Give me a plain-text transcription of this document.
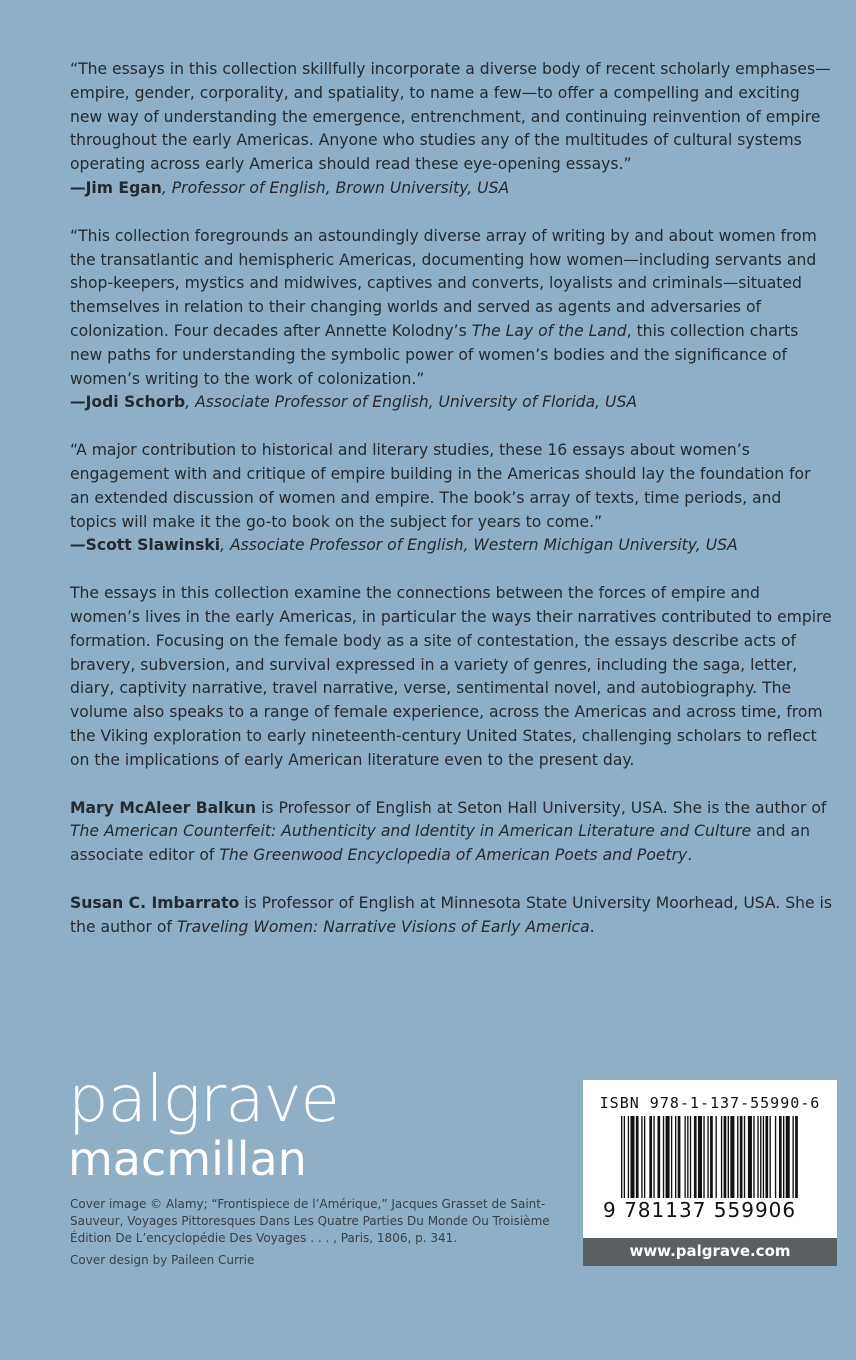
“The essays in this collection skillfully incorporate a diverse body of recent scholarly emphases—empire, gender, corporality, and spatiality, to name a few—to offer a compelling and exciting new way of understanding the emergence, entrenchment, and continuing reinvention of empire throughout the early Americas. Anyone who studies any of the multitudes of cultural systems operating across early America should read these eye-opening essays.”

—Jim Egan, Professor of English, Brown University, USA

“This collection foregrounds an astoundingly diverse array of writing by and about women from the transatlantic and hemispheric Americas, documenting how women—including servants and shop-keepers, mystics and midwives, captives and converts, loyalists and criminals—situated themselves in relation to their changing worlds and served as agents and adversaries of colonization. Four decades after Annette Kolodny’s The Lay of the Land, this collection charts new paths for understanding the symbolic power of women’s bodies and the significance of women’s writing to the work of colonization.”

—Jodi Schorb, Associate Professor of English, University of Florida, USA

“A major contribution to historical and literary studies, these 16 essays about women’s engagement with and critique of empire building in the Americas should lay the foundation for an extended discussion of women and empire. The book’s array of texts, time periods, and topics will make it the go-to book on the subject for years to come.”

—Scott Slawinski, Associate Professor of English, Western Michigan University, USA

The essays in this collection examine the connections between the forces of empire and women’s lives in the early Americas, in particular the ways their narratives contributed to empire formation. Focusing on the female body as a site of contestation, the essays describe acts of bravery, subversion, and survival expressed in a variety of genres, including the saga, letter, diary, captivity narrative, travel narrative, verse, sentimental novel, and autobiography. The volume also speaks to a range of female experience, across the Americas and across time, from the Viking exploration to early nineteenth-century United States, challenging scholars to reflect on the implications of early American literature even to the present day.

Mary McAleer Balkun is Professor of English at Seton Hall University, USA. She is the author of The American Counterfeit: Authenticity and Identity in American Literature and Culture and an associate editor of The Greenwood Encyclopedia of American Poets and Poetry.

Susan C. Imbarrato is Professor of English at Minnesota State University Moorhead, USA. She is the author of Traveling Women: Narrative Visions of Early America.

palgrave
macmillan

Cover image © Alamy; “Frontispiece de l’Amérique,” Jacques Grasset de Saint-Sauveur, Voyages Pittoresques Dans Les Quatre Parties Du Monde Ou Troisième Édition De L’encyclopédie Des Voyages . . . , Paris, 1806, p. 341.

Cover design by Paileen Currie
ISBN 978-1-137-55990-6
9 781137 559906
www.palgrave.com
